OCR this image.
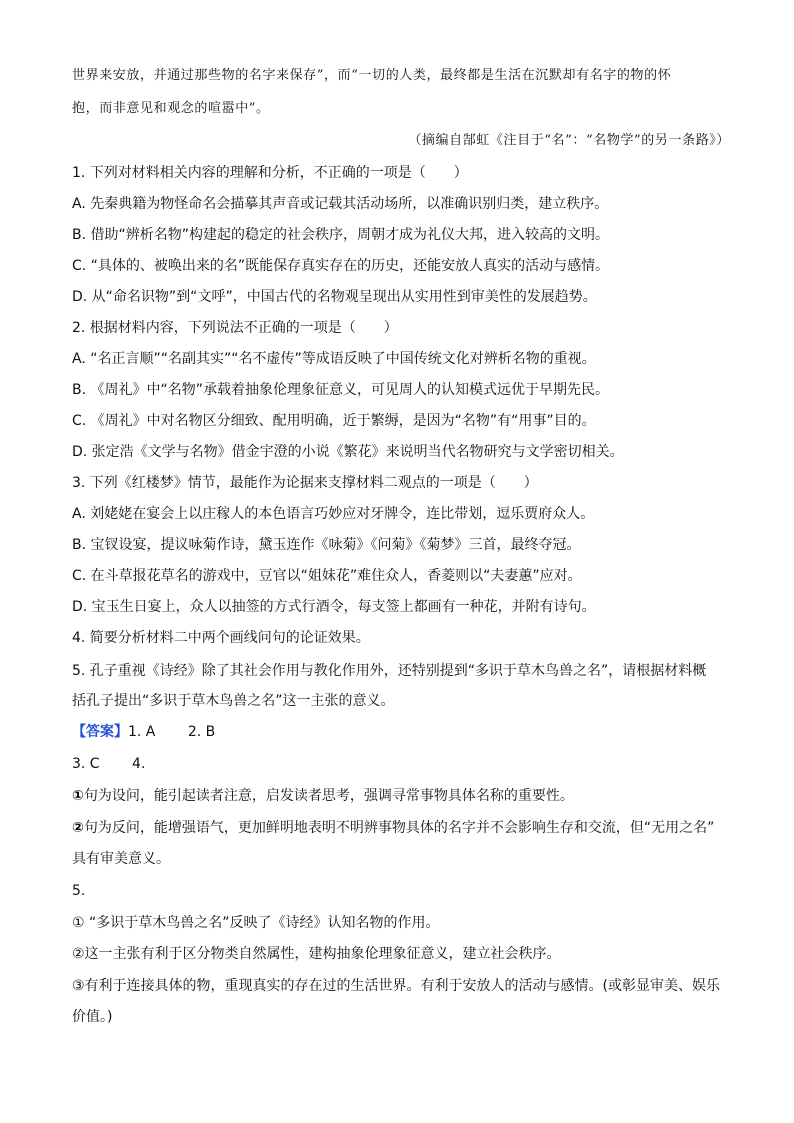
世界来安放，并通过那些物的名字来保存”，而“一切的人类，最终都是生活在沉默却有名字的物的怀
抱，而非意见和观念的喧嚣中”。
（摘编自郜虹《注目于“名”：“名物学”的另一条路》）
1. 下列对材料相关内容的理解和分析，不正确的一项是（　　）
A. 先秦典籍为物怪命名会描摹其声音或记载其活动场所，以准确识别归类，建立秩序。
B. 借助“辨析名物”构建起的稳定的社会秩序，周朝才成为礼仪大邦，进入较高的文明。
C. “具体的、被唤出来的名”既能保存真实存在的历史，还能安放人真实的活动与感情。
D. 从“命名识物”到“文呼”，中国古代的名物观呈现出从实用性到审美性的发展趋势。
2. 根据材料内容，下列说法不正确的一项是（　　）
A. “名正言顺”“名副其实”“名不虚传”等成语反映了中国传统文化对辨析名物的重视。
B. 《周礼》中“名物”承载着抽象伦理象征意义，可见周人的认知模式远优于早期先民。
C. 《周礼》中对名物区分细致、配用明确，近于繁缛，是因为“名物”有“用事”目的。
D. 张定浩《文学与名物》借金宇澄的小说《繁花》来说明当代名物研究与文学密切相关。
3. 下列《红楼梦》情节，最能作为论据来支撑材料二观点的一项是（　　）
A. 刘姥姥在宴会上以庄稼人的本色语言巧妙应对牙牌令，连比带划，逗乐贾府众人。
B. 宝钗设宴，提议咏菊作诗，黛玉连作《咏菊》《问菊》《菊梦》三首，最终夺冠。
C. 在斗草报花草名的游戏中，豆官以“姐妹花”难住众人，香菱则以“夫妻蕙”应对。
D. 宝玉生日宴上，众人以抽签的方式行酒令，每支签上都画有一种花，并附有诗句。
4. 简要分析材料二中两个画线问句的论证效果。
5. 孔子重视《诗经》除了其社会作用与教化作用外，还特别提到“多识于草木鸟兽之名”，请根据材料概
括孔子提出“多识于草木鸟兽之名”这一主张的意义。
【答案】1. A 2. B
3. C 4.
①句为设问，能引起读者注意，启发读者思考，强调寻常事物具体名称的重要性。
②句为反问，能增强语气，更加鲜明地表明不明辨事物具体的名字并不会影响生存和交流，但“无用之名”
具有审美意义。
5.
① “多识于草木鸟兽之名”反映了《诗经》认知名物的作用。
②这一主张有利于区分物类自然属性，建构抽象伦理象征意义，建立社会秩序。
③有利于连接具体的物，重现真实的存在过的生活世界。有利于安放人的活动与感情。(或彰显审美、娱乐
价值。)
